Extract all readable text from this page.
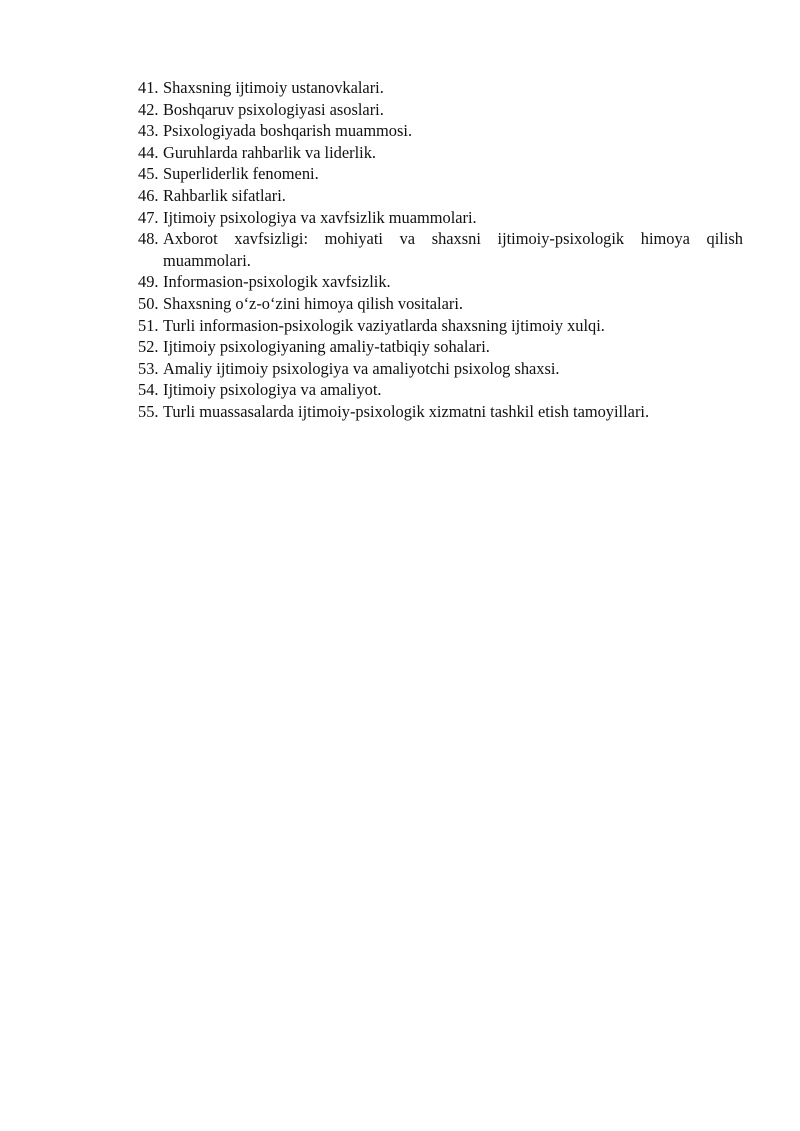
41. Shaxsning ijtimoiy ustanovkalari.
42. Boshqaruv psixologiyasi asoslari.
43. Psixologiyada boshqarish muammosi.
44. Guruhlarda rahbarlik va liderlik.
45. Superliderlik fenomeni.
46. Rahbarlik sifatlari.
47. Ijtimoiy psixologiya va xavfsizlik muammolari.
48. Axborot xavfsizligi: mohiyati va shaxsni ijtimoiy-psixologik himoya qilish muammolari.
49. Informasion-psixologik xavfsizlik.
50. Shaxsning o‘z-o‘zini himoya qilish vositalari.
51. Turli informasion-psixologik vaziyatlarda shaxsning ijtimoiy xulqi.
52. Ijtimoiy psixologiyaning amaliy-tatbiqiy sohalari.
53. Amaliy ijtimoiy psixologiya va amaliyotchi psixolog shaxsi.
54. Ijtimoiy psixologiya va amaliyot.
55. Turli muassasalarda ijtimoiy-psixologik xizmatni tashkil etish tamoyillari.
